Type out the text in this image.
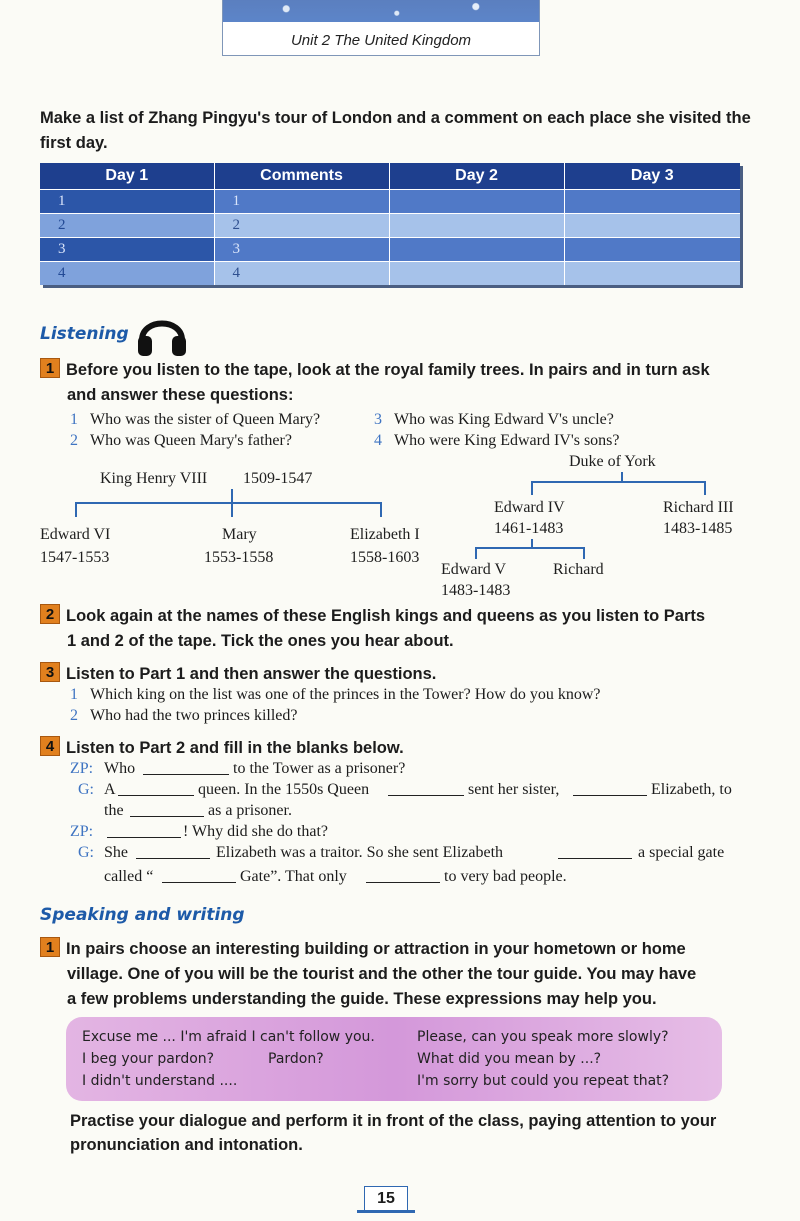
Unit 2 The United Kingdom
Make a list of Zhang Pingyu's tour of London and a comment on each place she visited the first day.
Day 1	Comments	Day 2	Day 3
1	1		
2	2		
3	3		
4	4		
Listening
1 Before you listen to the tape, look at the royal family trees. In pairs and in turn ask
and answer these questions:
1 Who was the sister of Queen Mary?
2 Who was Queen Mary's father?
3 Who was King Edward V's uncle?
4 Who were King Edward IV's sons?
King Henry VIII 1509-1547
Edward VI
1547-1553
Mary
1553-1558
Elizabeth I
1558-1603
Duke of York
Edward IV
1461-1483
Richard III
1483-1485
Edward V
1483-1483
Richard
2 Look again at the names of these English kings and queens as you listen to Parts
1 and 2 of the tape. Tick the ones you hear about.
3 Listen to Part 1 and then answer the questions.
1 Which king on the list was one of the princes in the Tower? How do you know?
2 Who had the two princes killed?
4 Listen to Part 2 and fill in the blanks below.
ZP: Who	to the Tower as a prisoner?
G: A	queen. In the 1550s Queen	sent her sister,	Elizabeth, to
the	as a prisoner.
ZP:	! Why did she do that?
G: She	Elizabeth was a traitor. So she sent Elizabeth	a special gate
called “	Gate”. That only	to very bad people.
Speaking and writing
1 In pairs choose an interesting building or attraction in your hometown or home
village. One of you will be the tourist and the other the tour guide. You may have
a few problems understanding the guide. These expressions may help you.
Excuse me ... I'm afraid I can't follow you.
I beg your pardon?	Pardon?
I didn't understand ....
Please, can you speak more slowly?
What did you mean by ...?
I'm sorry but could you repeat that?
Practise your dialogue and perform it in front of the class, paying attention to your
pronunciation and intonation.
15
